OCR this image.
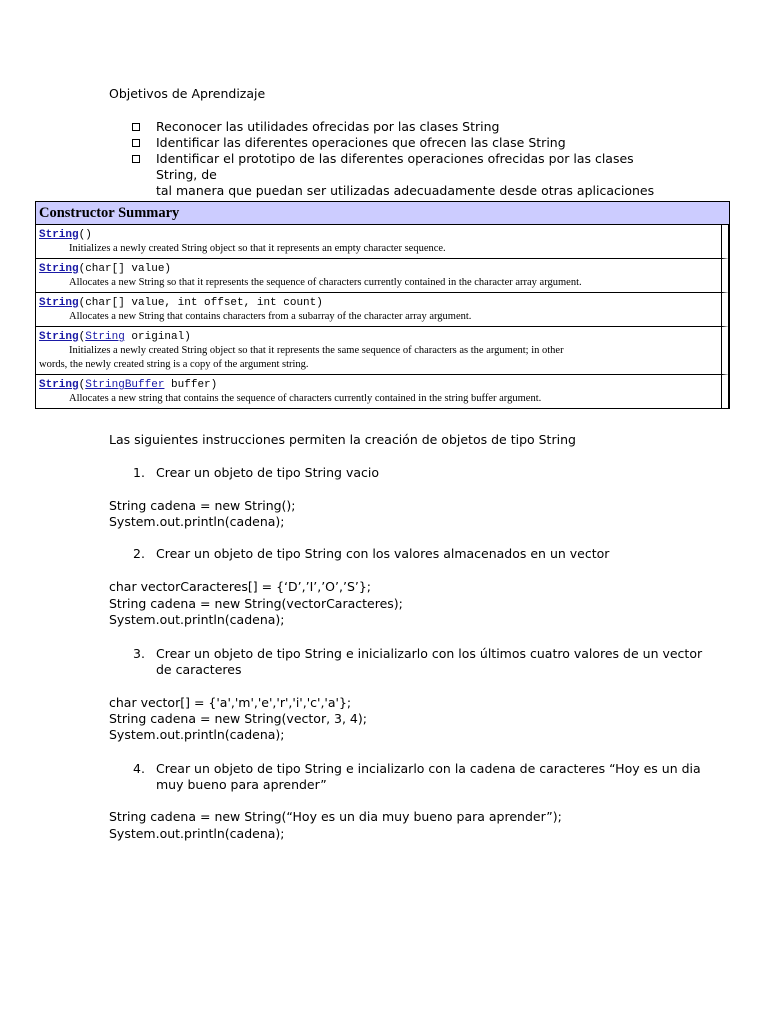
Objetivos de Aprendizaje
Reconocer las utilidades ofrecidas por las clases String
Identificar las diferentes operaciones que ofrecen las clase String
Identificar el prototipo de las diferentes operaciones ofrecidas por las clases String, de
tal manera que puedan ser utilizadas adecuadamente desde otras aplicaciones
Constructor Summary
String()
Initializes a newly created String object so that it represents an empty character sequence.
String(char[] value)
Allocates a new String so that it represents the sequence of characters currently contained in the character array argument.
String(char[] value, int offset, int count)
Allocates a new String that contains characters from a subarray of the character array argument.
String(String original)
Initializes a newly created String object so that it represents the same sequence of characters as the argument; in other
words, the newly created string is a copy of the argument string.
String(StringBuffer buffer)
Allocates a new string that contains the sequence of characters currently contained in the string buffer argument.
Las siguientes instrucciones permiten la creación de objetos de tipo String
1. Crear un objeto de tipo String vacio
String cadena = new String();
System.out.println(cadena);
2. Crear un objeto de tipo String con los valores almacenados en un vector
char vectorCaracteres[] = {‘D’,’I’,’O’,’S’};
String cadena = new String(vectorCaracteres);
System.out.println(cadena);
3. Crear un objeto de tipo String e inicializarlo con los últimos cuatro valores de un vector
de caracteres
char vector[] = {'a','m','e','r','i','c','a'};
String cadena = new String(vector, 3, 4);
System.out.println(cadena);
4. Crear un objeto de tipo String e incializarlo con la cadena de caracteres “Hoy es un dia
muy bueno para aprender”
String cadena = new String(“Hoy es un dia muy bueno para aprender”);
System.out.println(cadena);
